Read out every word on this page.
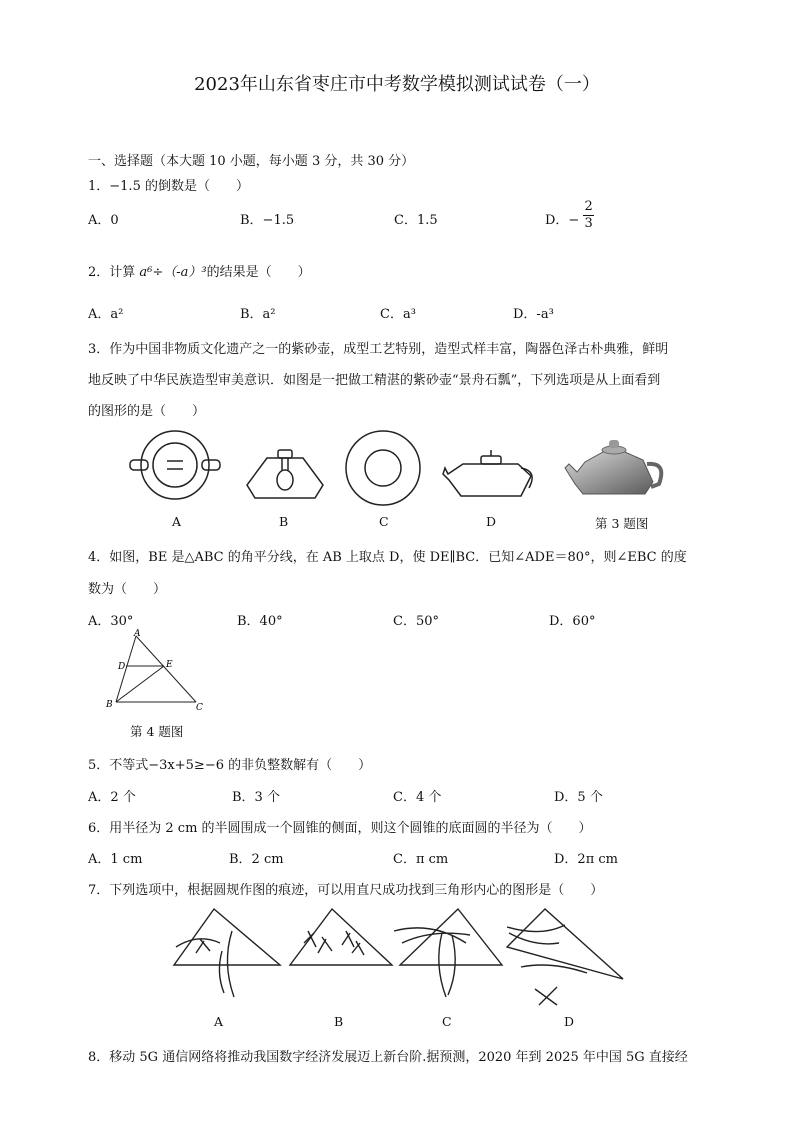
2023年山东省枣庄市中考数学模拟测试试卷（一）
一、选择题（本大题 10 小题，每小题 3 分，共 30 分）
1．−1.5 的倒数是（　　）
A．0	B．−1.5	C．1.5	D．− $\frac{2}{3}$
2．计算 a⁶÷（-a）³的结果是（　　）
A．a²	B．a²	C．a³	D．-a³
3．作为中国非物质文化遗产之一的紫砂壶，成型工艺特别，造型式样丰富，陶器色泽古朴典雅，鲜明
地反映了中华民族造型审美意识．如图是一把做工精湛的紫砂壶“景舟石瓢”，下列选项是从上面看到
的图形的是（　　）
A	B	C	D	第 3 题图
4．如图，BE 是△ABC 的角平分线，在 AB 上取点 D，使 DE∥BC．已知∠ADE＝80°，则∠EBC 的度
数为（　　）
A．30°	B．40°	C．50°	D．60°
A
D	E
B	C
第 4 题图
5．不等式−3x+5≥−6 的非负整数解有（　　）
A．2 个	B．3 个	C．4 个	D．5 个
6．用半径为 2 cm 的半圆围成一个圆锥的侧面，则这个圆锥的底面圆的半径为（　　）
A．1 cm	B．2 cm	C．π cm	D．2π cm
7．下列选项中，根据圆规作图的痕迹，可以用直尺成功找到三角形内心的图形是（　　）
A	B	C	D
8．移动 5G 通信网络将推动我国数字经济发展迈上新台阶.据预测，2020 年到 2025 年中国 5G 直接经
